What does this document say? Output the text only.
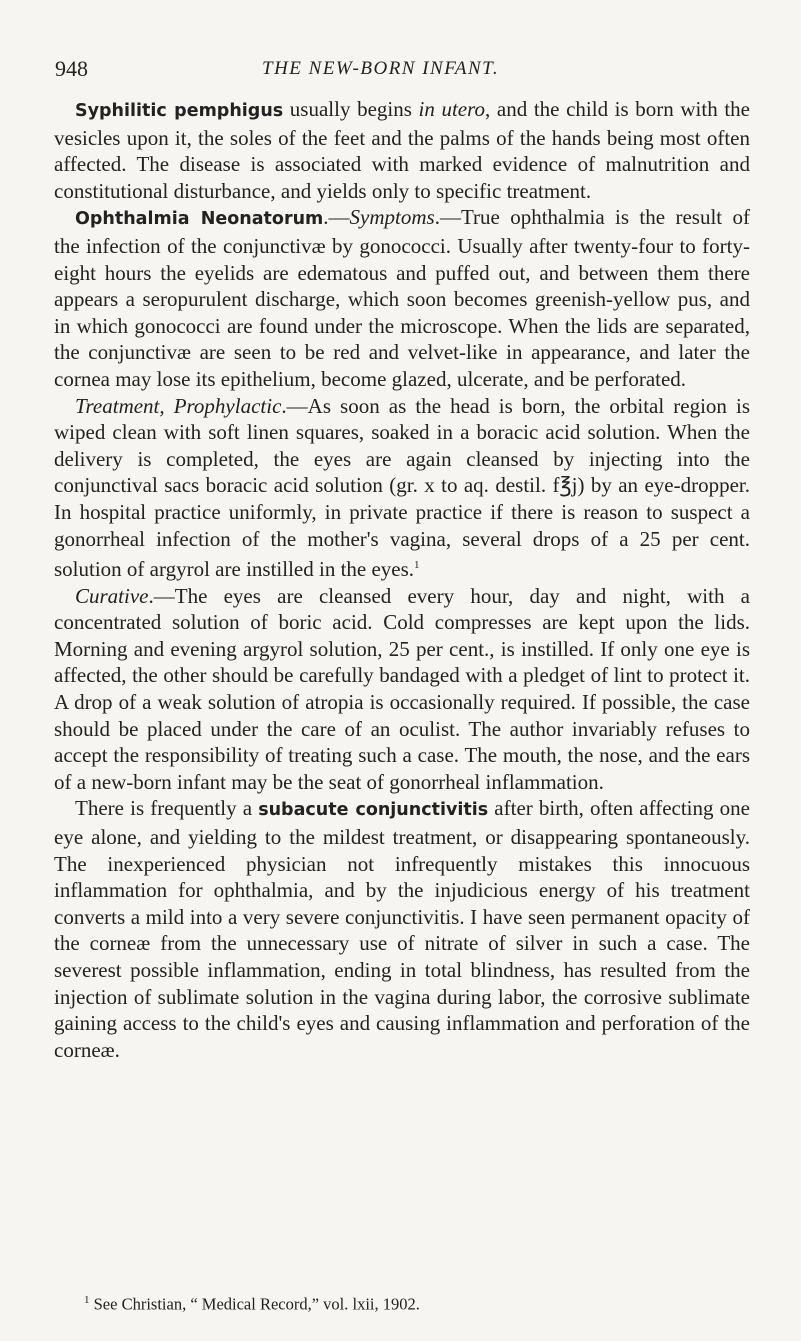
948	THE NEW-BORN INFANT.

Syphilitic pemphigus usually begins in utero, and the child is born with the vesicles upon it, the soles of the feet and the palms of the hands being most often affected. The disease is associated with marked evidence of malnutrition and constitutional disturbance, and yields only to specific treatment.

Ophthalmia Neonatorum.—Symptoms.—True ophthalmia is the result of the infection of the conjunctivæ by gonococci. Usually after twenty-four to forty-eight hours the eyelids are edematous and puffed out, and between them there appears a seropurulent discharge, which soon becomes greenish-yellow pus, and in which gonococci are found under the microscope. When the lids are separated, the conjunctivæ are seen to be red and velvet-like in appearance, and later the cornea may lose its epithelium, become glazed, ulcerate, and be perforated.

Treatment, Prophylactic.—As soon as the head is born, the orbital region is wiped clean with soft linen squares, soaked in a boracic acid solution. When the delivery is completed, the eyes are again cleansed by injecting into the conjunctival sacs boracic acid solution (gr. x to aq. destil. f℥j) by an eye-dropper. In hospital practice uniformly, in private practice if there is reason to suspect a gonorrheal infection of the mother's vagina, several drops of a 25 per cent. solution of argyrol are instilled in the eyes.$^1$

Curative.—The eyes are cleansed every hour, day and night, with a concentrated solution of boric acid. Cold compresses are kept upon the lids. Morning and evening argyrol solution, 25 per cent., is instilled. If only one eye is affected, the other should be carefully bandaged with a pledget of lint to protect it. A drop of a weak solution of atropia is occasionally required. If possible, the case should be placed under the care of an oculist. The author invariably refuses to accept the responsibility of treating such a case. The mouth, the nose, and the ears of a new-born infant may be the seat of gonorrheal inflammation.

There is frequently a subacute conjunctivitis after birth, often affecting one eye alone, and yielding to the mildest treatment, or disappearing spontaneously. The inexperienced physician not infrequently mistakes this innocuous inflammation for ophthalmia, and by the injudicious energy of his treatment converts a mild into a very severe conjunctivitis. I have seen permanent opacity of the corneæ from the unnecessary use of nitrate of silver in such a case. The severest possible inflammation, ending in total blindness, has resulted from the injection of sublimate solution in the vagina during labor, the corrosive sublimate gaining access to the child's eyes and causing inflammation and perforation of the corneæ.

$^1$ See Christian, “ Medical Record,” vol. lxii, 1902.
